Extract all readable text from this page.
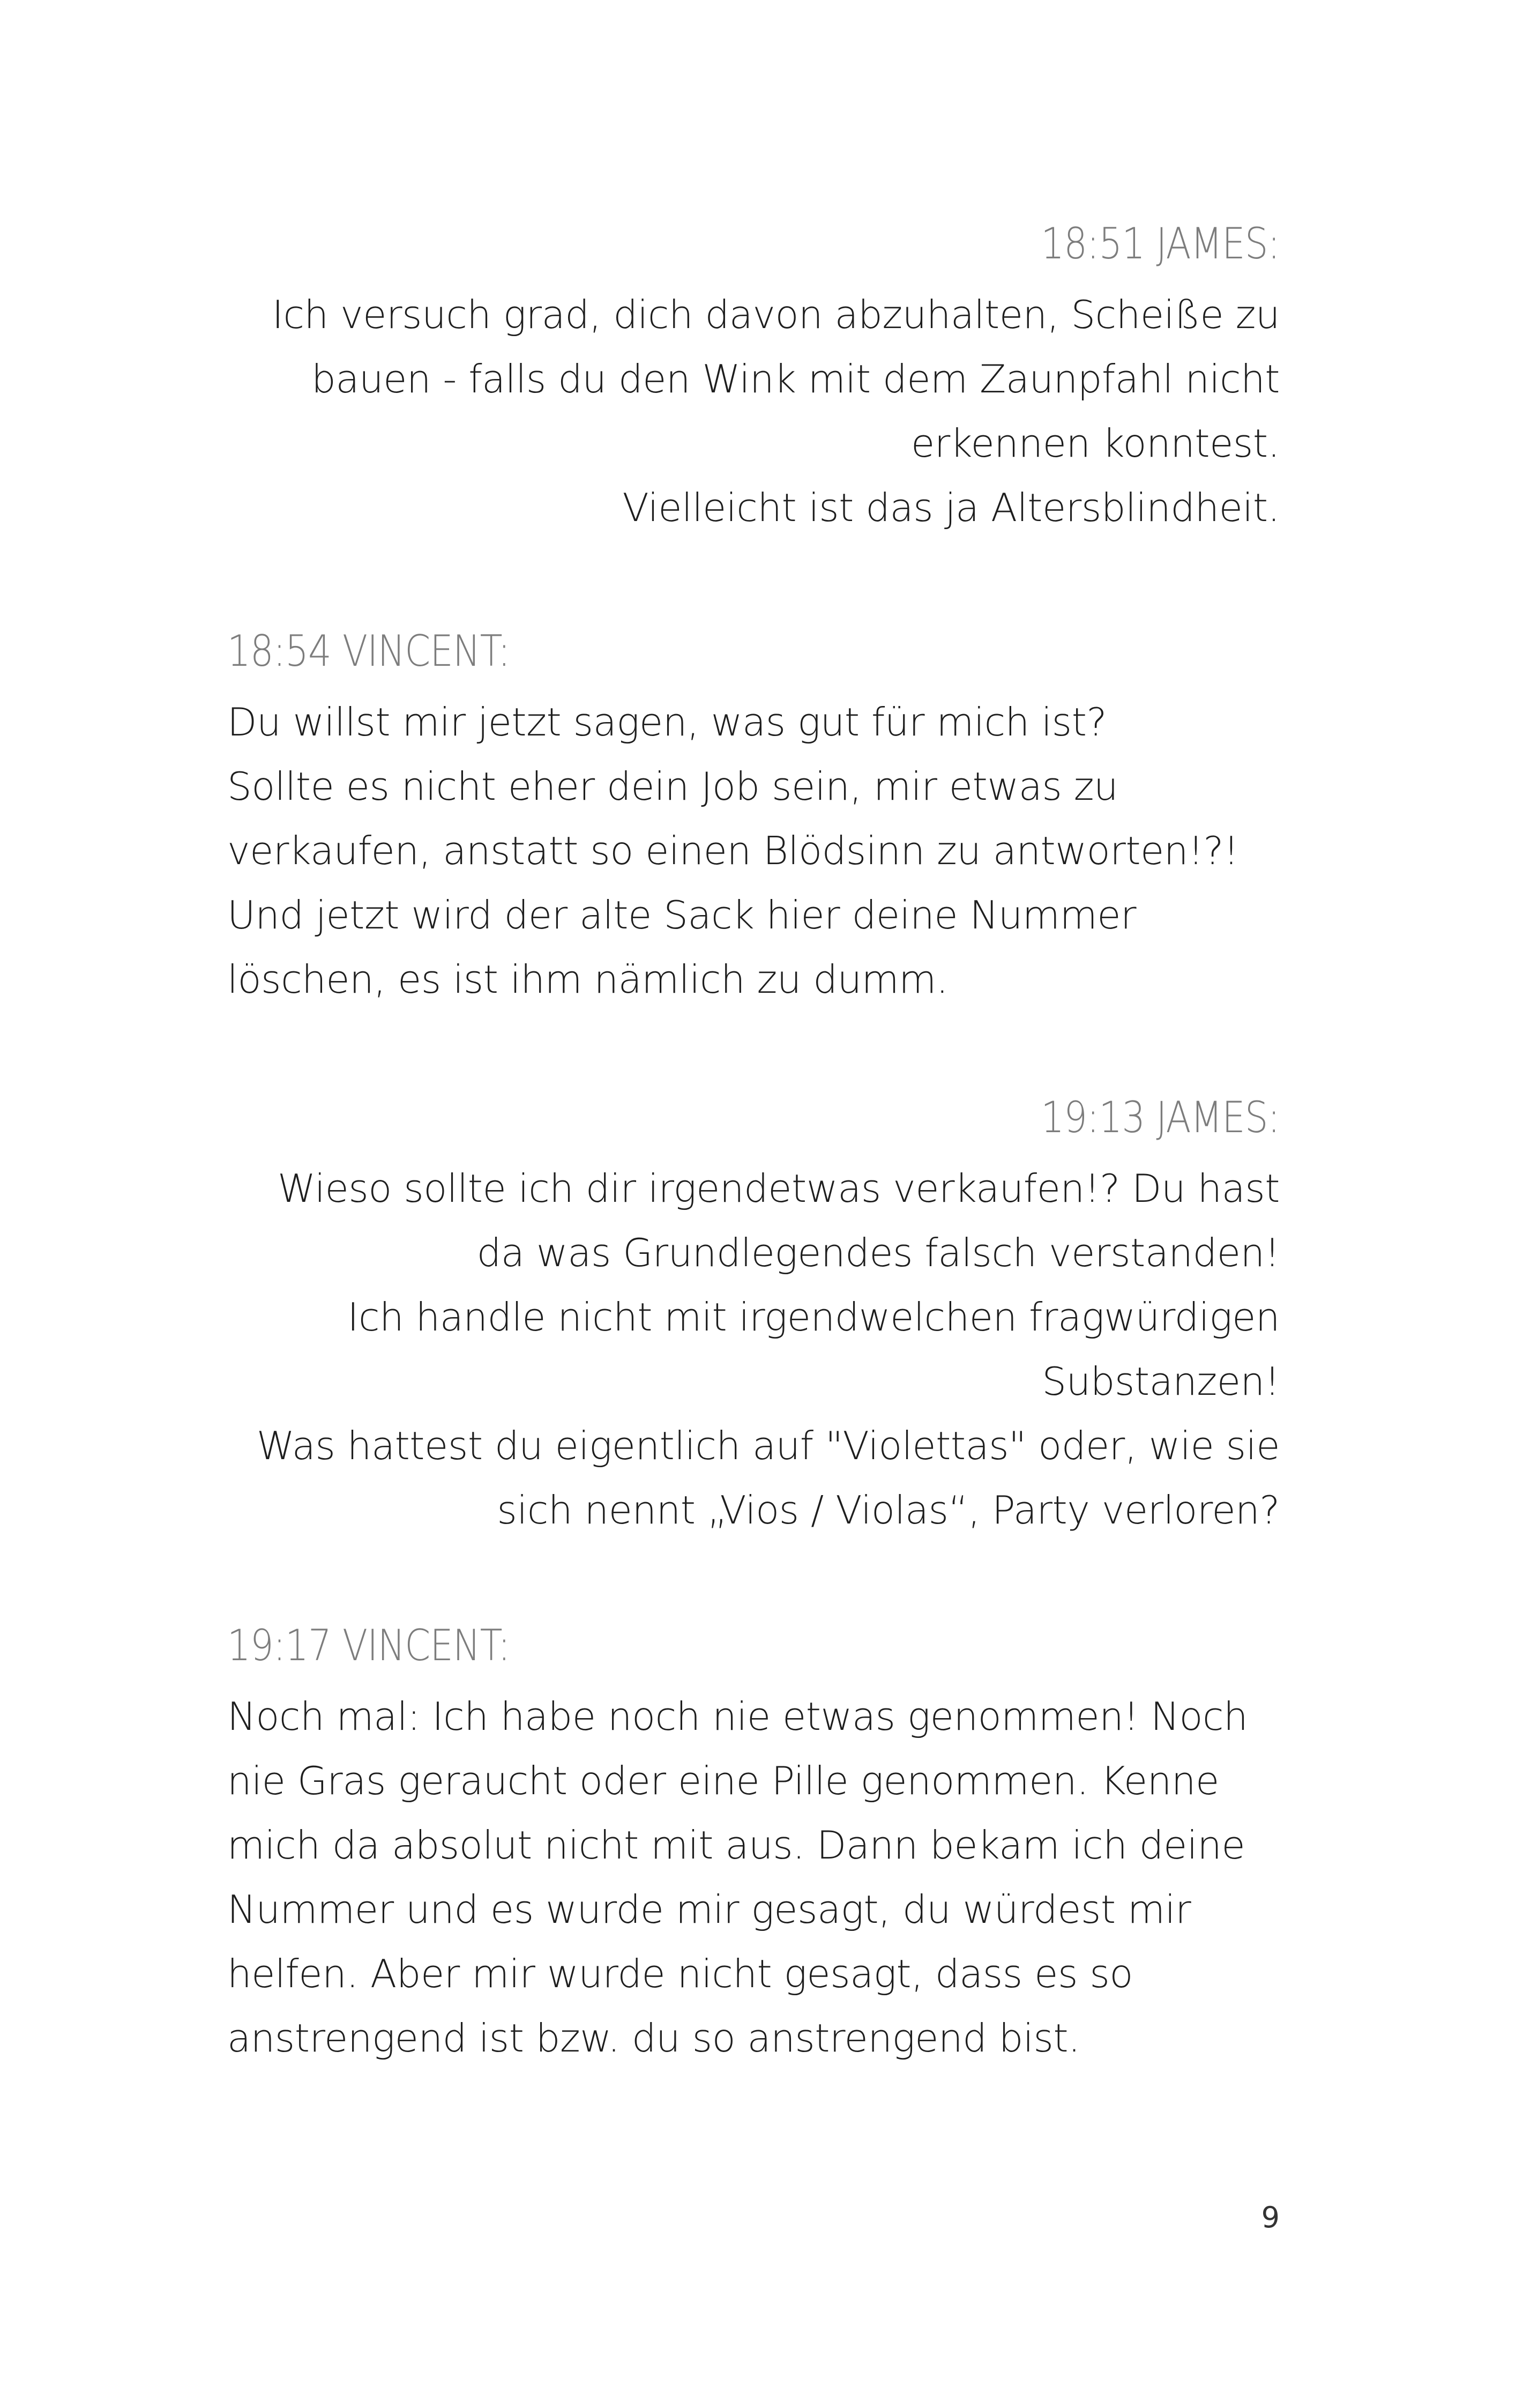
18:51 JAMES:
Ich versuch grad, dich davon abzuhalten, Scheiße zu
bauen - falls du den Wink mit dem Zaunpfahl nicht
erkennen konntest.
Vielleicht ist das ja Altersblindheit.
18:54 VINCENT:
Du willst mir jetzt sagen, was gut für mich ist?
Sollte es nicht eher dein Job sein, mir etwas zu
verkaufen, anstatt so einen Blödsinn zu antworten!?!
Und jetzt wird der alte Sack hier deine Nummer
löschen, es ist ihm nämlich zu dumm.
19:13 JAMES:
Wieso sollte ich dir irgendetwas verkaufen!? Du hast
da was Grundlegendes falsch verstanden!
Ich handle nicht mit irgendwelchen fragwürdigen
Substanzen!
Was hattest du eigentlich auf "Violettas" oder, wie sie
sich nennt „Vios / Violas“, Party verloren?
19:17 VINCENT:
Noch mal: Ich habe noch nie etwas genommen! Noch
nie Gras geraucht oder eine Pille genommen. Kenne
mich da absolut nicht mit aus. Dann bekam ich deine
Nummer und es wurde mir gesagt, du würdest mir
helfen. Aber mir wurde nicht gesagt, dass es so
anstrengend ist bzw. du so anstrengend bist.
9
